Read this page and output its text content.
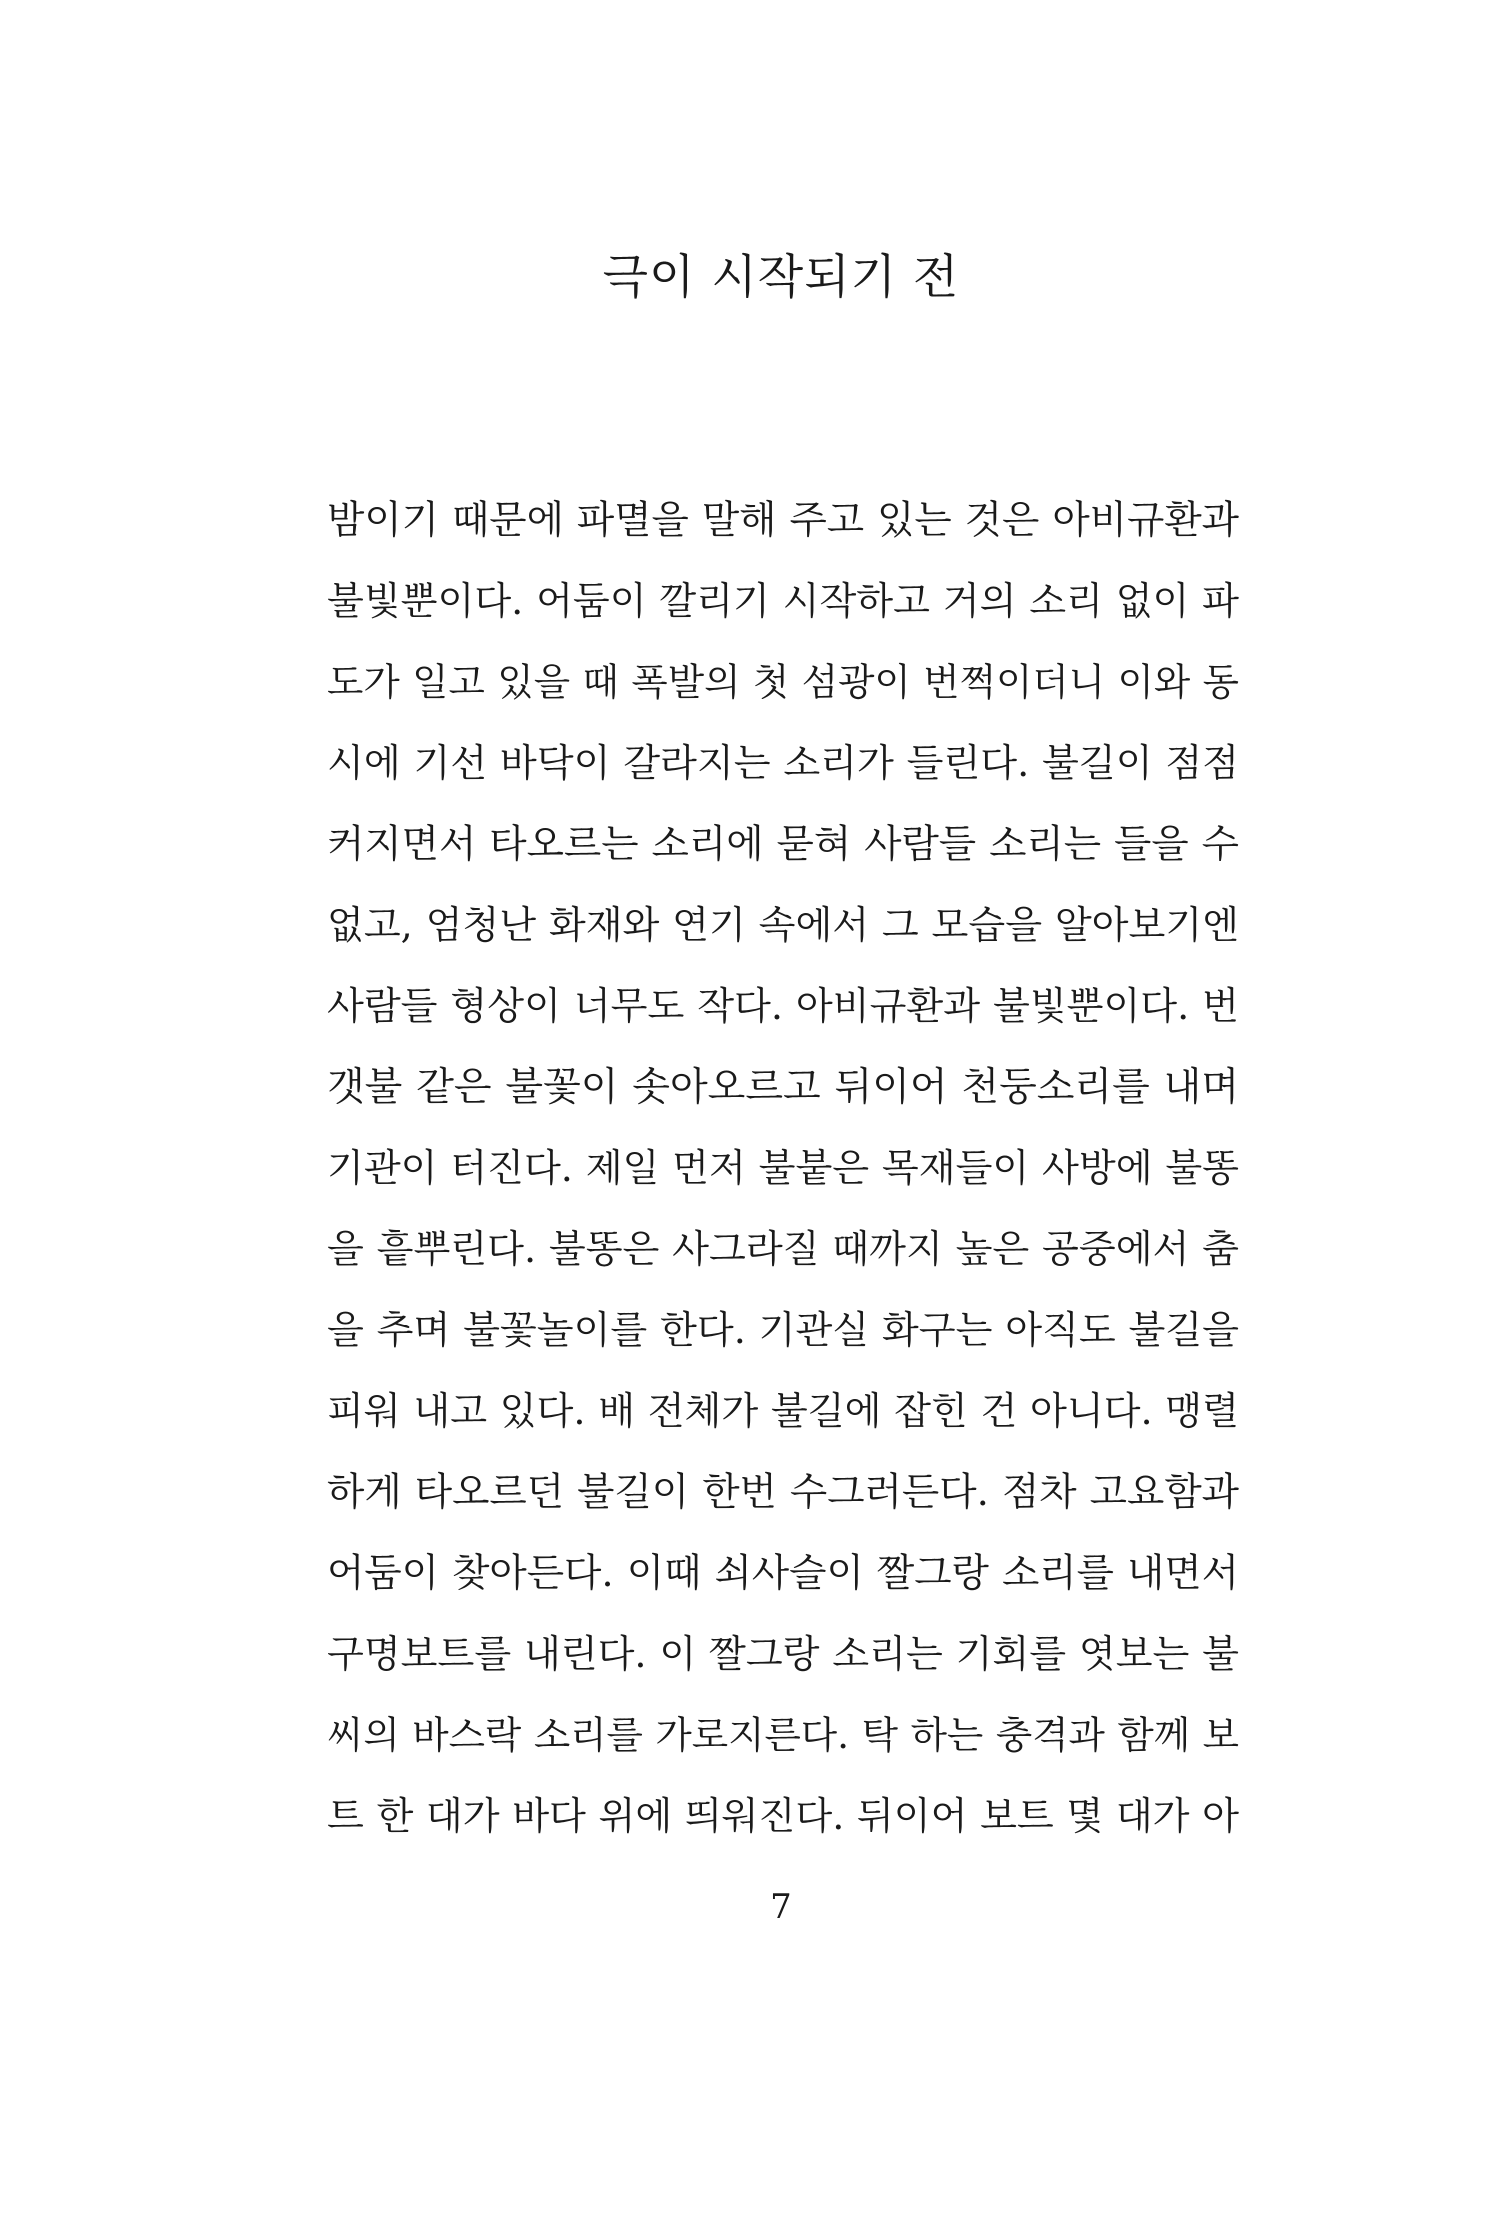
극이 시작되기 전
밤이기 때문에 파멸을 말해 주고 있는 것은 아비규환과
불빛뿐이다. 어둠이 깔리기 시작하고 거의 소리 없이 파
도가 일고 있을 때 폭발의 첫 섬광이 번쩍이더니 이와 동
시에 기선 바닥이 갈라지는 소리가 들린다. 불길이 점점
커지면서 타오르는 소리에 묻혀 사람들 소리는 들을 수
없고, 엄청난 화재와 연기 속에서 그 모습을 알아보기엔
사람들 형상이 너무도 작다. 아비규환과 불빛뿐이다. 번
갯불 같은 불꽃이 솟아오르고 뒤이어 천둥소리를 내며
기관이 터진다. 제일 먼저 불붙은 목재들이 사방에 불똥
을 흩뿌린다. 불똥은 사그라질 때까지 높은 공중에서 춤
을 추며 불꽃놀이를 한다. 기관실 화구는 아직도 불길을
피워 내고 있다. 배 전체가 불길에 잡힌 건 아니다. 맹렬
하게 타오르던 불길이 한번 수그러든다. 점차 고요함과
어둠이 찾아든다. 이때 쇠사슬이 짤그랑 소리를 내면서
구명보트를 내린다. 이 짤그랑 소리는 기회를 엿보는 불
씨의 바스락 소리를 가로지른다. 탁 하는 충격과 함께 보
트 한 대가 바다 위에 띄워진다. 뒤이어 보트 몇 대가 아
7
